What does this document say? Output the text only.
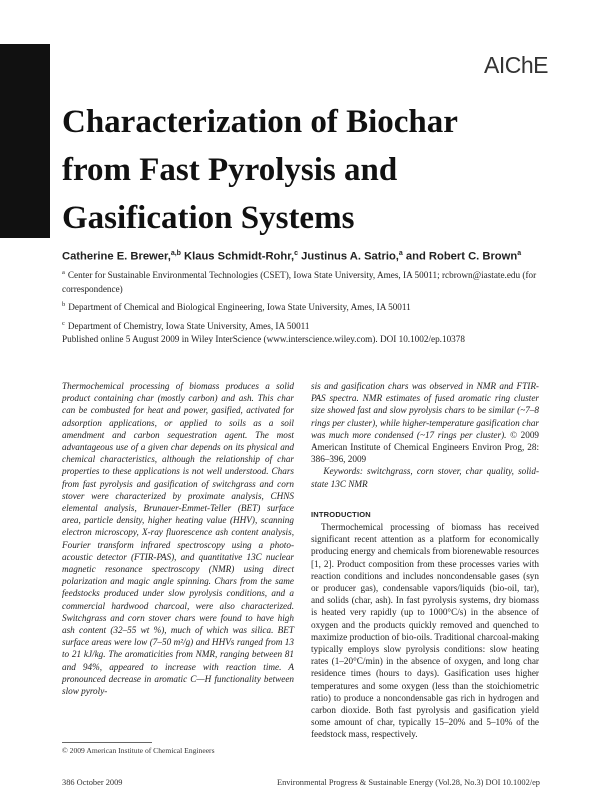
AIChE
Characterization of Biochar from Fast Pyrolysis and Gasification Systems
Catherine E. Brewer,$^{a,b}$ Klaus Schmidt-Rohr,$^c$ Justinus A. Satrio,$^a$ and Robert C. Brown$^a$
$^a$ Center for Sustainable Environmental Technologies (CSET), Iowa State University, Ames, IA 50011; rcbrown@iastate.edu (for correspondence)
$^b$ Department of Chemical and Biological Engineering, Iowa State University, Ames, IA 50011
$^c$ Department of Chemistry, Iowa State University, Ames, IA 50011
Published online 5 August 2009 in Wiley InterScience (www.interscience.wiley.com). DOI 10.1002/ep.10378
Thermochemical processing of biomass produces a solid product containing char (mostly carbon) and ash. This char can be combusted for heat and power, gasified, activated for adsorption applications, or applied to soils as a soil amendment and carbon sequestration agent. The most advantageous use of a given char depends on its physical and chemical characteristics, although the relationship of char properties to these applications is not well understood. Chars from fast pyrolysis and gasification of switchgrass and corn stover were characterized by proximate analysis, CHNS elemental analysis, Brunauer-Emmet-Teller (BET) surface area, particle density, higher heating value (HHV), scanning electron microscopy, X-ray fluorescence ash content analysis, Fourier transform infrared spectroscopy using a photo-acoustic detector (FTIR-PAS), and quantitative 13C nuclear magnetic resonance spectroscopy (NMR) using direct polarization and magic angle spinning. Chars from the same feedstocks produced under slow pyrolysis conditions, and a commercial hardwood charcoal, were also characterized. Switchgrass and corn stover chars were found to have high ash content (32–55 wt %), much of which was silica. BET surface areas were low (7–50 m²/g) and HHVs ranged from 13 to 21 kJ/kg. The aromaticities from NMR, ranging between 81 and 94%, appeared to increase with reaction time. A pronounced decrease in aromatic C—H functionality between slow pyroly-
sis and gasification chars was observed in NMR and FTIR-PAS spectra. NMR estimates of fused aromatic ring cluster size showed fast and slow pyrolysis chars to be similar (~7–8 rings per cluster), while higher-temperature gasification char was much more condensed (~17 rings per cluster). © 2009 American Institute of Chemical Engineers Environ Prog, 28: 386–396, 2009
Keywords: switchgrass, corn stover, char quality, solid-state 13C NMR
INTRODUCTION

Thermochemical processing of biomass has received significant recent attention as a platform for economically producing energy and chemicals from biorenewable resources [1, 2]. Product composition from these processes varies with reaction conditions and includes noncondensable gases (syn or producer gas), condensable vapors/liquids (bio-oil, tar), and solids (char, ash). In fast pyrolysis systems, dry biomass is heated very rapidly (up to 1000°C/s) in the absence of oxygen and the products quickly removed and quenched to maximize production of bio-oils. Traditional charcoal-making typically employs slow pyrolysis conditions: slow heating rates (1–20°C/min) in the absence of oxygen, and long char residence times (hours to days). Gasification uses higher temperatures and some oxygen (less than the stoichiometric ratio) to produce a noncondensable gas rich in hydrogen and carbon dioxide. Both fast pyrolysis and gasification yield some amount of char, typically 15–20% and 5–10% of the feedstock mass, respectively.

© 2009 American Institute of Chemical Engineers
386 October 2009	Environmental Progress & Sustainable Energy (Vol.28, No.3) DOI 10.1002/ep
